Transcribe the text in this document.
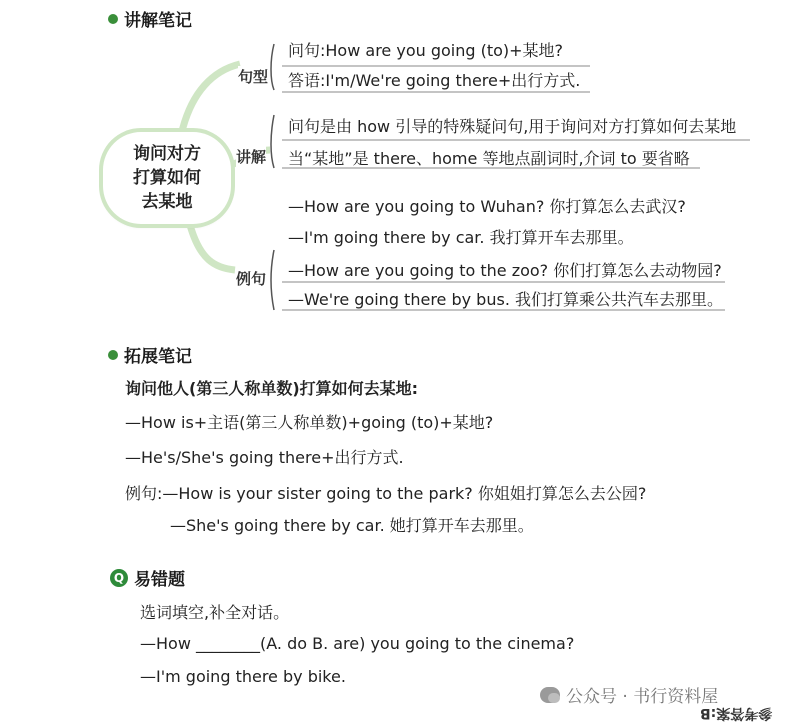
讲解笔记
询问对方
打算如何
去某地
句型
讲解
例句
问句:How are you going (to)+某地?
答语:I'm/We're going there+出行方式.
问句是由 how 引导的特殊疑问句,用于询问对方打算如何去某地
当“某地”是 there、home 等地点副词时,介词 to 要省略
—How are you going to Wuhan? 你打算怎么去武汉?
—I'm going there by car. 我打算开车去那里。
—How are you going to the zoo? 你们打算怎么去动物园?
—We're going there by bus. 我们打算乘公共汽车去那里。
拓展笔记
询问他人(第三人称单数)打算如何去某地:
—How is+主语(第三人称单数)+going (to)+某地?
—He's/She's going there+出行方式.
例句:—How is your sister going to the park? 你姐姐打算怎么去公园?
—She's going there by car. 她打算开车去那里。
Q 易错题
选词填空,补全对话。
—How ________(A. do B. are) you going to the cinema?
—I'm going there by bike.
公众号 · 书行资料屋
参考答案:B
